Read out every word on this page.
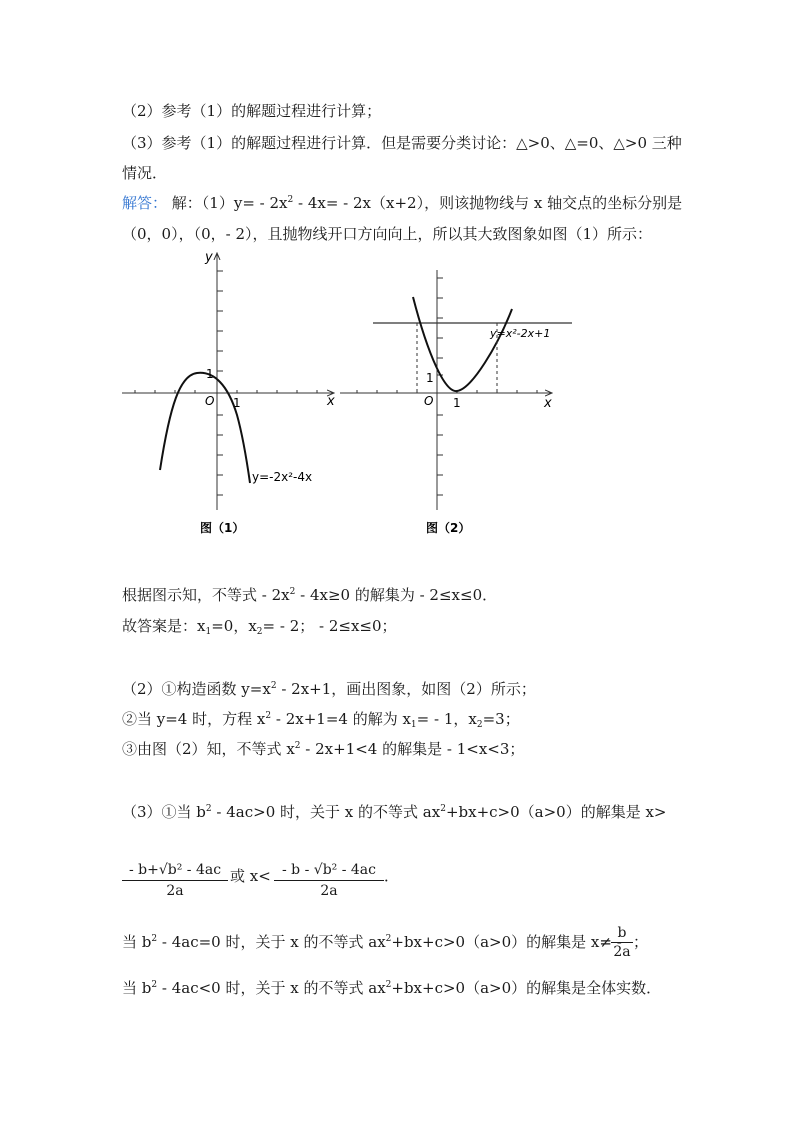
（2）参考（1）的解题过程进行计算；
（3）参考（1）的解题过程进行计算．但是需要分类讨论：△>0、△=0、△>0 三种
情况．
解答： 解：$(1)y= - 2x^2 - 4x= - 2x(x+2)$，则该抛物线与 x 轴交点的坐标分别是
（0，0），（0，- 2），且抛物线开口方向向上，所以其大致图象如图（1）所示：
y
x
O 1
1
y=-2x²-4x
图（1）
x
O 1
1
y=x²-2x+1
图（2）
根据图示知，不等式 - $2x^2 - 4x\ge 0$ 的解集为 - 2≤x≤0．
故答案是：$x_1=0$，$x_2= - 2$； - 2≤x≤0；
（2）①构造函数 $y=x^2 - 2x+1$，画出图象，如图（2）所示；
②当 y=4 时，方程 $x^2 - 2x+1=4$ 的解为 $x_1= - 1$，$x_2=3$；
③由图（2）知，不等式 $x^2 - 2x+1<4$ 的解集是 - 1<x<3；
（3）①当 $b^2 - 4ac>0$ 时，关于 x 的不等式 $ax^2+bx+c>0(a>0)$的解集是 x>
$\frac{\text{- b+√b² - 4ac}}{2a}$ 或 $x< \frac{\text{- b - √b² - 4ac}}{2a}$ ．
当 $b^2 - 4ac=0$ 时，关于 x 的不等式 $ax^2+bx+c>0(a>0)$的解集是 x≠ -
$\frac{b}{2a}$ ；
当 $b^2 - 4ac<0$ 时，关于 x 的不等式 $ax^2+bx+c>0(a>0)$的解集是全体实数．
